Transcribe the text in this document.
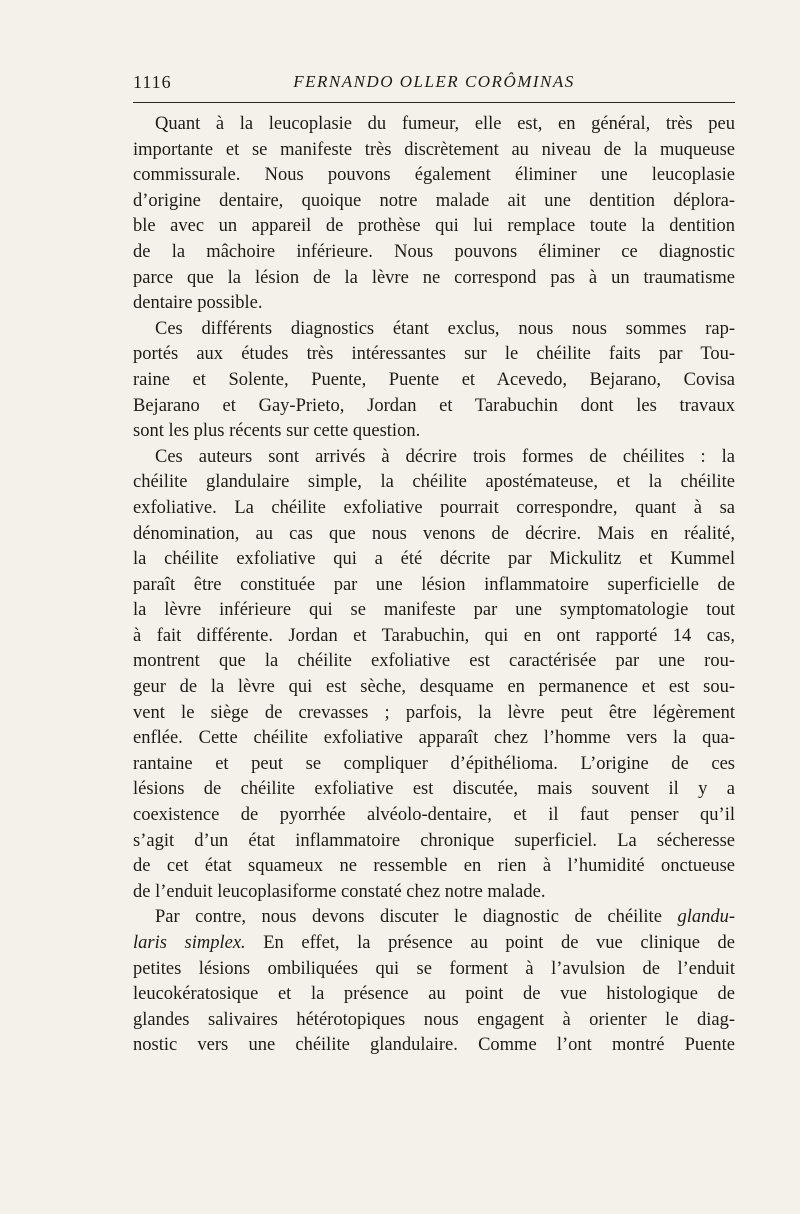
1116	FERNANDO OLLER CORÔMINAS
Quant à la leucoplasie du fumeur, elle est, en général, très peu
importante et se manifeste très discrètement au niveau de la muqueuse
commissurale. Nous pouvons également éliminer une leucoplasie
d’origine dentaire, quoique notre malade ait une dentition déplora-
ble avec un appareil de prothèse qui lui remplace toute la dentition
de la mâchoire inférieure. Nous pouvons éliminer ce diagnostic
parce que la lésion de la lèvre ne correspond pas à un traumatisme
dentaire possible.
Ces différents diagnostics étant exclus, nous nous sommes rap-
portés aux études très intéressantes sur le chéilite faits par Tou-
raine et Solente, Puente, Puente et Acevedo, Bejarano, Covisa
Bejarano et Gay-Prieto, Jordan et Tarabuchin dont les travaux
sont les plus récents sur cette question.
Ces auteurs sont arrivés à décrire trois formes de chéilites : la
chéilite glandulaire simple, la chéilite apostémateuse, et la chéilite
exfoliative. La chéilite exfoliative pourrait correspondre, quant à sa
dénomination, au cas que nous venons de décrire. Mais en réalité,
la chéilite exfoliative qui a été décrite par Mickulitz et Kummel
paraît être constituée par une lésion inflammatoire superficielle de
la lèvre inférieure qui se manifeste par une symptomatologie tout
à fait différente. Jordan et Tarabuchin, qui en ont rapporté 14 cas,
montrent que la chéilite exfoliative est caractérisée par une rou-
geur de la lèvre qui est sèche, desquame en permanence et est sou-
vent le siège de crevasses ; parfois, la lèvre peut être légèrement
enflée. Cette chéilite exfoliative apparaît chez l’homme vers la qua-
rantaine et peut se compliquer d’épithélioma. L’origine de ces
lésions de chéilite exfoliative est discutée, mais souvent il y a
coexistence de pyorrhée alvéolo-dentaire, et il faut penser qu’il
s’agit d’un état inflammatoire chronique superficiel. La sécheresse
de cet état squameux ne ressemble en rien à l’humidité onctueuse
de l’enduit leucoplasiforme constaté chez notre malade.
Par contre, nous devons discuter le diagnostic de chéilite glandu-
laris simplex. En effet, la présence au point de vue clinique de
petites lésions ombiliquées qui se forment à l’avulsion de l’enduit
leucokératosique et la présence au point de vue histologique de
glandes salivaires hétérotopiques nous engagent à orienter le diag-
nostic vers une chéilite glandulaire. Comme l’ont montré Puente
